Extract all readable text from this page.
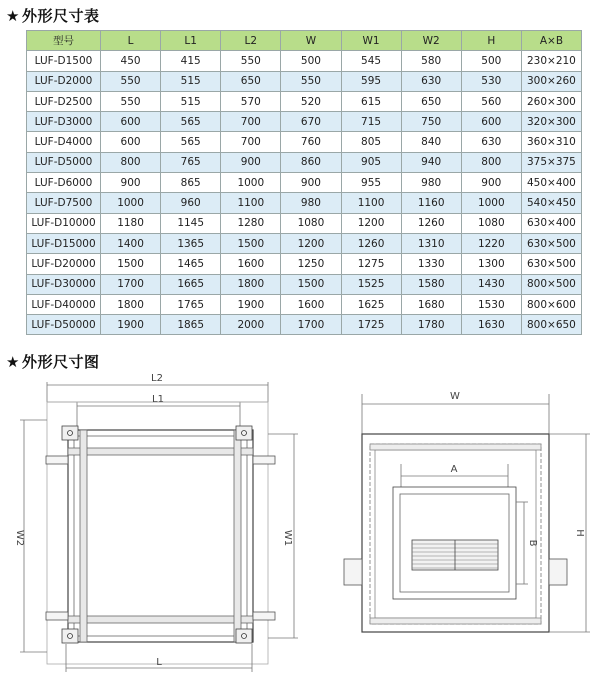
★ 外形尺寸表
型号	L	L1	L2	W	W1	W2	H	A×B
LUF-D1500	450	415	550	500	545	580	500	230×210
LUF-D2000	550	515	650	550	595	630	530	300×260
LUF-D2500	550	515	570	520	615	650	560	260×300
LUF-D3000	600	565	700	670	715	750	600	320×300
LUF-D4000	600	565	700	760	805	840	630	360×310
LUF-D5000	800	765	900	860	905	940	800	375×375
LUF-D6000	900	865	1000	900	955	980	900	450×400
LUF-D7500	1000	960	1100	980	1100	1160	1000	540×450
LUF-D10000	1180	1145	1280	1080	1200	1260	1080	630×400
LUF-D15000	1400	1365	1500	1200	1260	1310	1220	630×500
LUF-D20000	1500	1465	1600	1250	1275	1330	1300	630×500
LUF-D30000	1700	1665	1800	1500	1525	1580	1430	800×500
LUF-D40000	1800	1765	1900	1600	1625	1680	1530	800×600
LUF-D50000	1900	1865	2000	1700	1725	1780	1630	800×650
★ 外形尺寸图
L2
L1
L
W2	W1
W
A
B
H
